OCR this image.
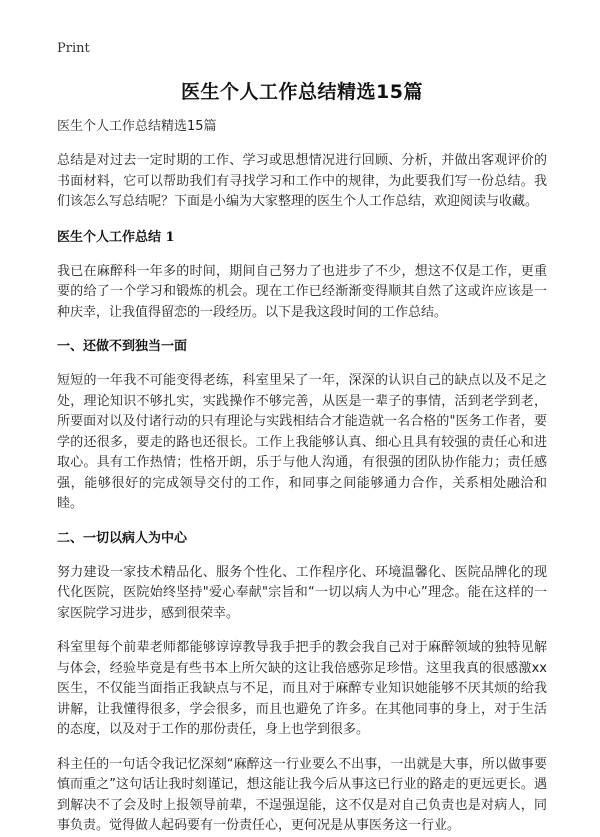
Print
医生个人工作总结精选15篇

医生个人工作总结精选15篇

总结是对过去一定时期的工作、学习或思想情况进行回顾、分析，并做出客观评价的书面材料，它可以帮助我们有寻找学习和工作中的规律，为此要我们写一份总结。我们该怎么写总结呢？下面是小编为大家整理的医生个人工作总结，欢迎阅读与收藏。

医生个人工作总结 1

我已在麻醉科一年多的时间，期间自己努力了也进步了不少，想这不仅是工作，更重要的给了一个学习和锻炼的机会。现在工作已经渐渐变得顺其自然了这或许应该是一种庆幸，让我值得留恋的一段经历。以下是我这段时间的工作总结。

一、还做不到独当一面

短短的一年我不可能变得老练，科室里呆了一年，深深的认识自己的缺点以及不足之处，理论知识不够扎实，实践操作不够完善，从医是一辈子的事情，活到老学到老，所要面对以及付诸行动的只有理论与实践相结合才能造就一名合格的"医务工作者，要学的还很多，要走的路也还很长。工作上我能够认真、细心且具有较强的责任心和进取心。具有工作热情；性格开朗，乐于与他人沟通，有很强的团队协作能力；责任感强，能够很好的完成领导交付的工作，和同事之间能够通力合作，关系相处融洽和睦。

二、一切以病人为中心

努力建设一家技术精品化、服务个性化、工作程序化、环境温馨化、医院品牌化的现代化医院，医院始终坚持"爱心奉献"宗旨和“一切以病人为中心”理念。能在这样的一家医院学习进步，感到很荣幸。

科室里每个前辈老师都能够谆谆教导我手把手的教会我自己对于麻醉领域的独特见解与体会，经验毕竟是有些书本上所欠缺的这让我倍感弥足珍惜。这里我真的很感激xx医生，不仅能当面指正我缺点与不足，而且对于麻醉专业知识她能够不厌其烦的给我讲解，让我懂得很多，学会很多，而且也避免了许多。在其他同事的身上，对于生活的态度，以及对于工作的那份责任，身上也学到很多。

科主任的一句话令我记忆深刻“麻醉这一行业要么不出事，一出就是大事，所以做事要慎而重之”这句话让我时刻谨记，想这能让我今后从事这已行业的路走的更远更长。遇到解决不了会及时上报领导前辈，不逞强逞能，这不仅是对自己负责也是对病人，同事负责。觉得做人起码要有一份责任心，更何况是从事医务这一行业。
